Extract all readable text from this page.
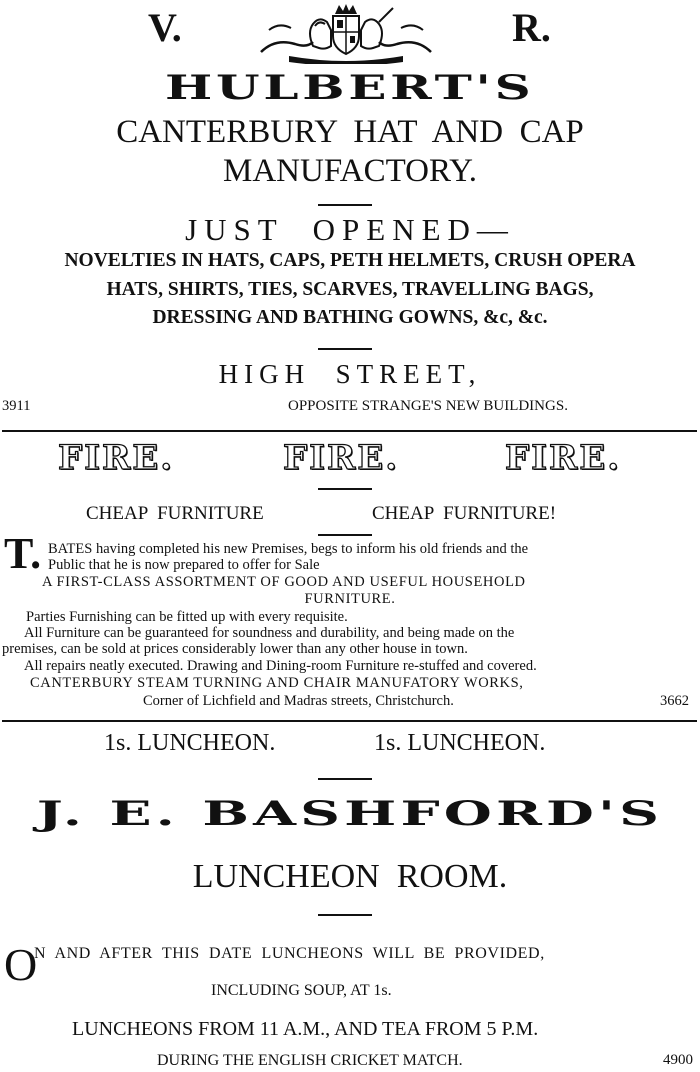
V.	R.
HULBERT'S
CANTERBURY  HAT  AND  CAP
MANUFACTORY.
JUST  OPENED—
NOVELTIES IN HATS, CAPS, PETH HELMETS, CRUSH OPERA
HATS, SHIRTS, TIES, SCARVES, TRAVELLING BAGS,
DRESSING AND BATHING GOWNS, &c, &c.
HIGH  STREET,
3911	OPPOSITE STRANGE'S NEW BUILDINGS.
FIRE.	FIRE.	FIRE.
CHEAP  FURNITURE	CHEAP  FURNITURE!
T. BATES having completed his new Premises, begs to inform his old friends and the
Public that he is now prepared to offer for Sale
A FIRST-CLASS ASSORTMENT OF GOOD AND USEFUL HOUSEHOLD
FURNITURE.
Parties Furnishing can be fitted up with every requisite.
All Furniture can be guaranteed for soundness and durability, and being made on the
premises, can be sold at prices considerably lower than any other house in town.
All repairs neatly executed. Drawing and Dining-room Furniture re-stuffed and covered.
CANTERBURY STEAM TURNING AND CHAIR MANUFATORY WORKS,
Corner of Lichfield and Madras streets, Christchurch.	3662
1s. LUNCHEON.	1s. LUNCHEON.
J. E. BASHFORD'S
LUNCHEON  ROOM.
O
N  AND  AFTER  THIS  DATE  LUNCHEONS  WILL  BE  PROVIDED,
INCLUDING SOUP, AT 1s.
LUNCHEONS FROM 11 A.M., AND TEA FROM 5 P.M.
DURING THE ENGLISH CRICKET MATCH.	4900
